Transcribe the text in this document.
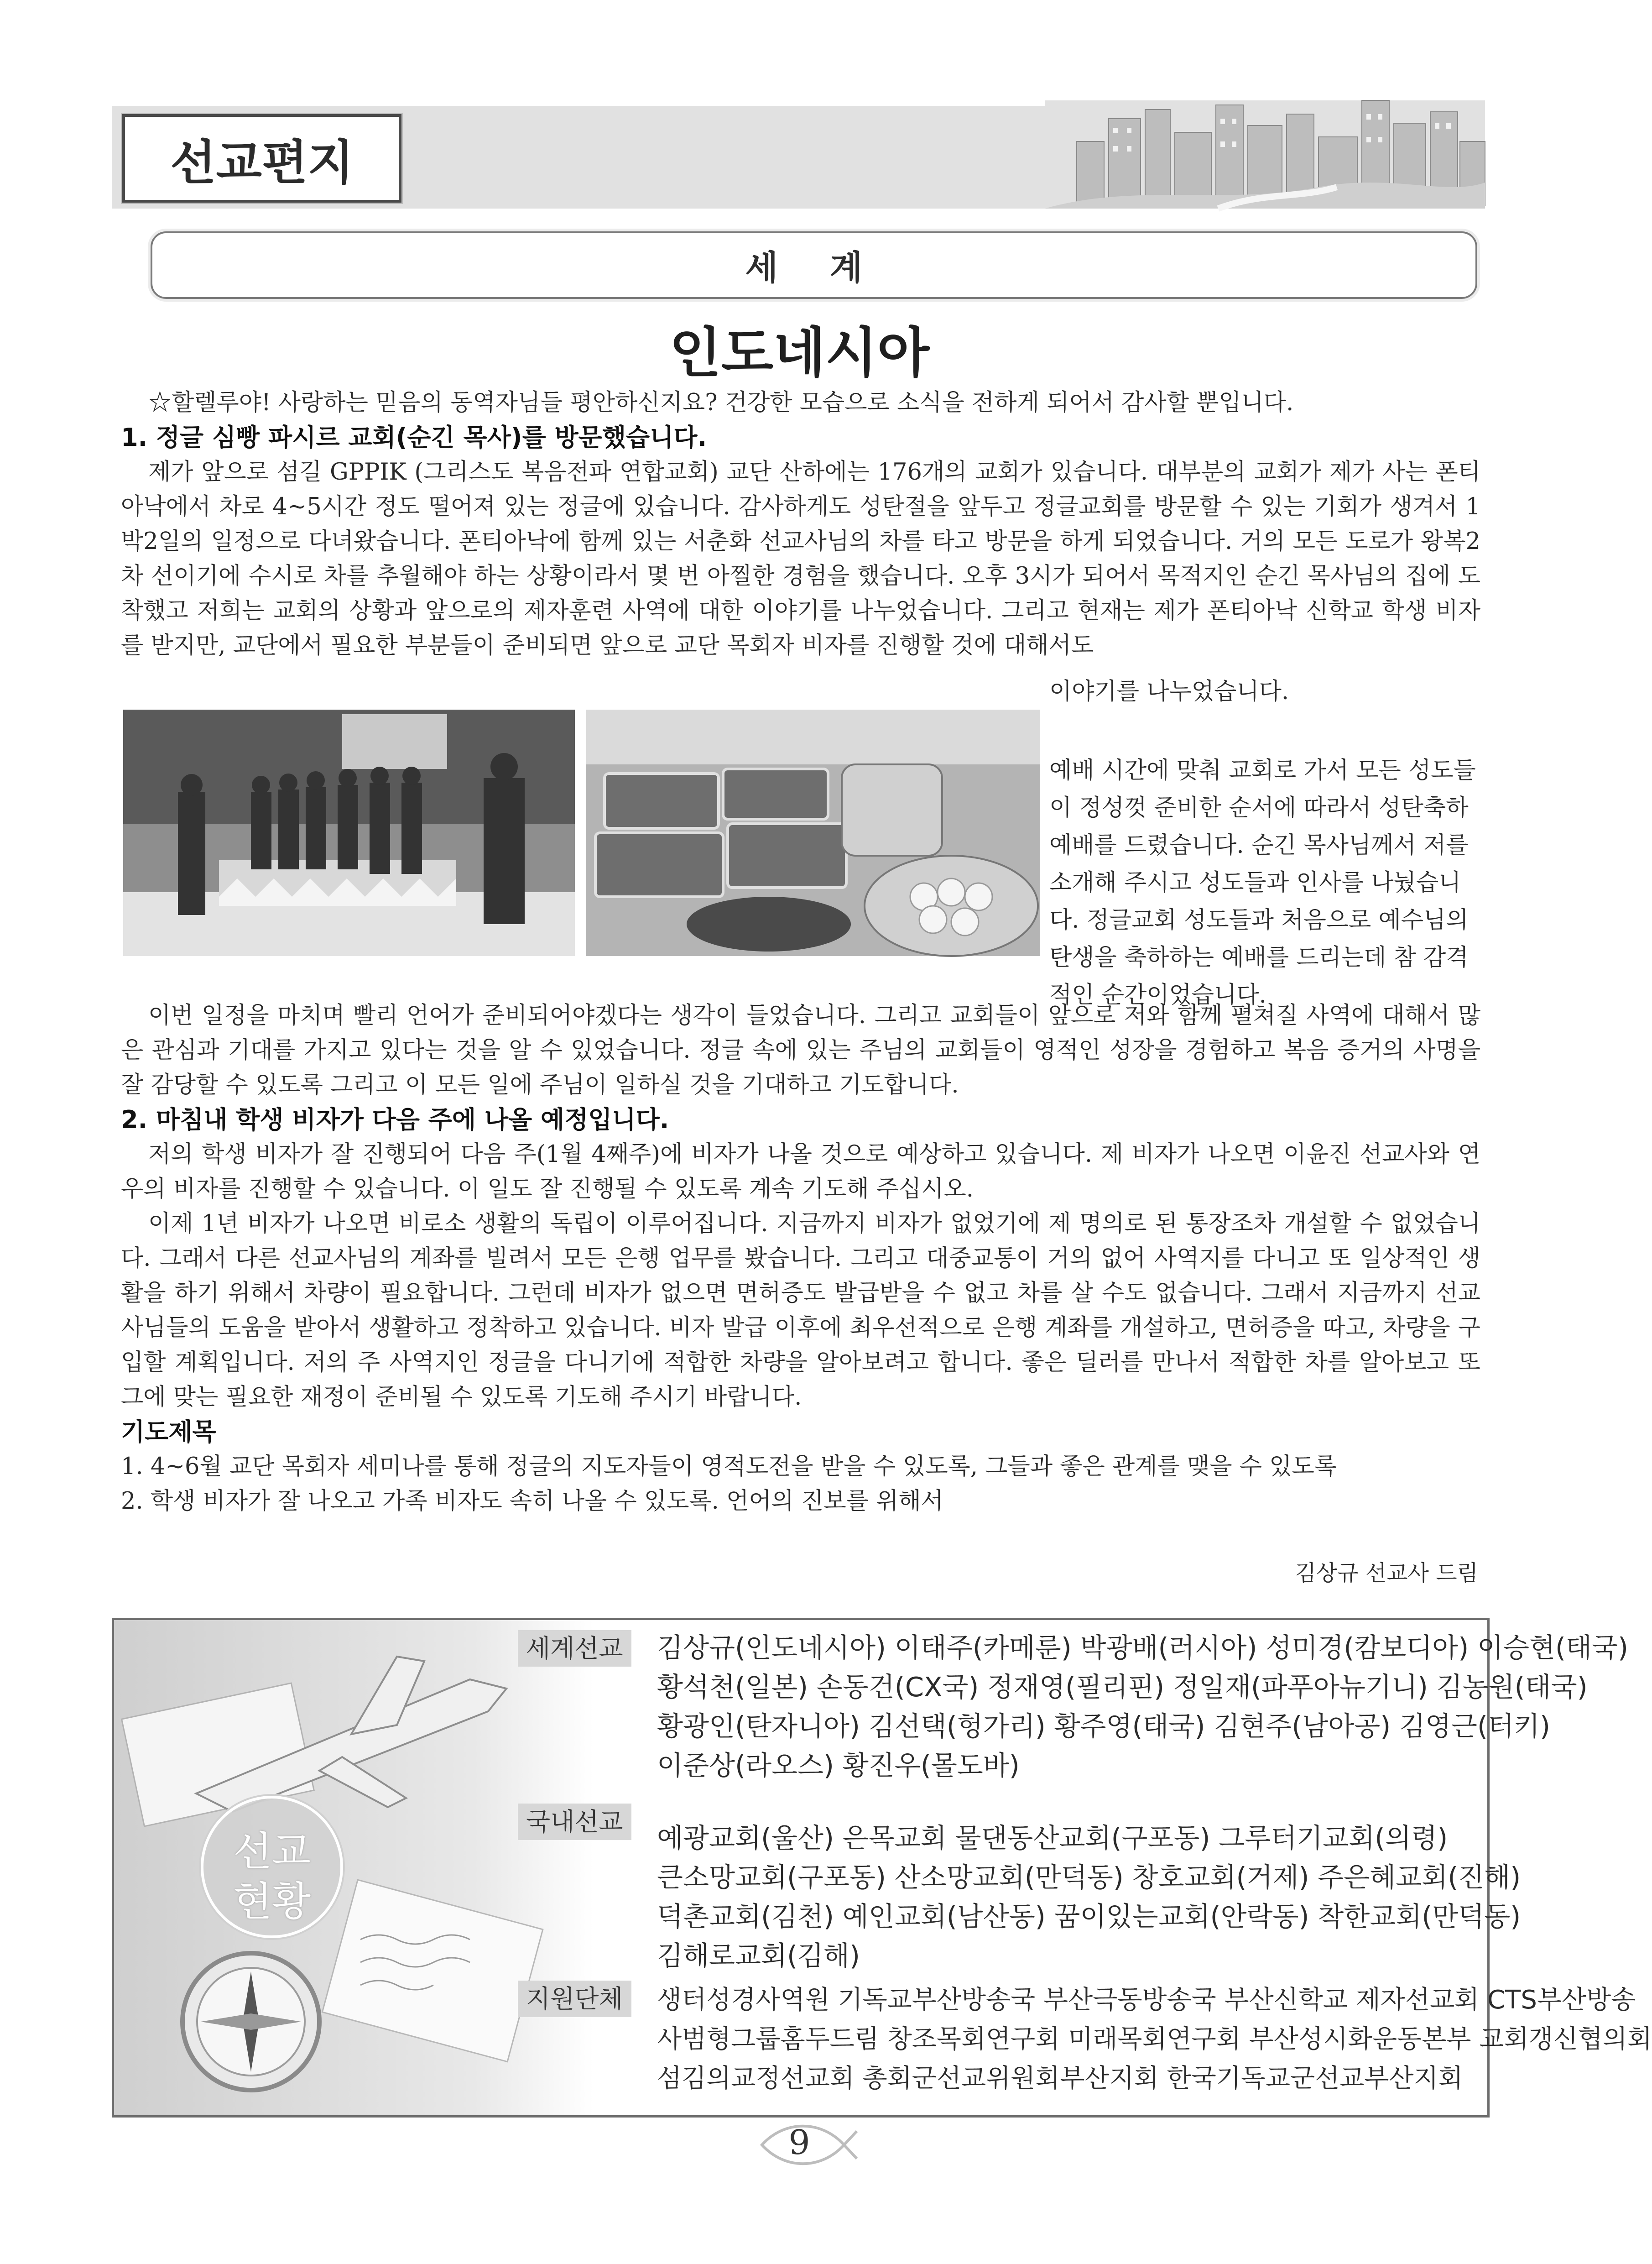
선교편지
세 계
인도네시아

☆할렐루야! 사랑하는 믿음의 동역자님들 평안하신지요? 건강한 모습으로 소식을 전하게 되어서 감사할 뿐입니다.

1. 정글 심빵 파시르 교회(순긴 목사)를 방문했습니다.

제가 앞으로 섬길 GPPIK (그리스도 복음전파 연합교회) 교단 산하에는 176개의 교회가 있습니다. 대부분의 교회가 제가 사는 폰티아낙에서 차로 4~5시간 정도 떨어져 있는 정글에 있습니다. 감사하게도 성탄절을 앞두고 정글교회를 방문할 수 있는 기회가 생겨서 1박2일의 일정으로 다녀왔습니다. 폰티아낙에 함께 있는 서춘화 선교사님의 차를 타고 방문을 하게 되었습니다. 거의 모든 도로가 왕복2차 선이기에 수시로 차를 추월해야 하는 상황이라서 몇 번 아찔한 경험을 했습니다. 오후 3시가 되어서 목적지인 순긴 목사님의 집에 도착했고 저희는 교회의 상황과 앞으로의 제자훈련 사역에 대한 이야기를 나누었습니다. 그리고 현재는 제가 폰티아낙 신학교 학생 비자를 받지만, 교단에서 필요한 부분들이 준비되면 앞으로 교단 목회자 비자를 진행할 것에 대해서도

이야기를 나누었습니다.
예배 시간에 맞춰 교회로 가서 모든 성도들이 정성껏 준비한 순서에 따라서 성탄축하 예배를 드렸습니다. 순긴 목사님께서 저를 소개해 주시고 성도들과 인사를 나눴습니다. 정글교회 성도들과 처음으로 예수님의 탄생을 축하하는 예배를 드리는데 참 감격적인 순간이었습니다.

이번 일정을 마치며 빨리 언어가 준비되어야겠다는 생각이 들었습니다. 그리고 교회들이 앞으로 저와 함께 펼쳐질 사역에 대해서 많은 관심과 기대를 가지고 있다는 것을 알 수 있었습니다. 정글 속에 있는 주님의 교회들이 영적인 성장을 경험하고 복음 증거의 사명을 잘 감당할 수 있도록 그리고 이 모든 일에 주님이 일하실 것을 기대하고 기도합니다.

2. 마침내 학생 비자가 다음 주에 나올 예정입니다.

저의 학생 비자가 잘 진행되어 다음 주(1월 4째주)에 비자가 나올 것으로 예상하고 있습니다. 제 비자가 나오면 이윤진 선교사와 연우의 비자를 진행할 수 있습니다. 이 일도 잘 진행될 수 있도록 계속 기도해 주십시오.

이제 1년 비자가 나오면 비로소 생활의 독립이 이루어집니다. 지금까지 비자가 없었기에 제 명의로 된 통장조차 개설할 수 없었습니다. 그래서 다른 선교사님의 계좌를 빌려서 모든 은행 업무를 봤습니다. 그리고 대중교통이 거의 없어 사역지를 다니고 또 일상적인 생활을 하기 위해서 차량이 필요합니다. 그런데 비자가 없으면 면허증도 발급받을 수 없고 차를 살 수도 없습니다. 그래서 지금까지 선교사님들의 도움을 받아서 생활하고 정착하고 있습니다. 비자 발급 이후에 최우선적으로 은행 계좌를 개설하고, 면허증을 따고, 차량을 구입할 계획입니다. 저의 주 사역지인 정글을 다니기에 적합한 차량을 알아보려고 합니다. 좋은 딜러를 만나서 적합한 차를 알아보고 또 그에 맞는 필요한 재정이 준비될 수 있도록 기도해 주시기 바랍니다.

기도제목

1. 4~6월 교단 목회자 세미나를 통해 정글의 지도자들이 영적도전을 받을 수 있도록, 그들과 좋은 관계를 맺을 수 있도록

2. 학생 비자가 잘 나오고 가족 비자도 속히 나올 수 있도록. 언어의 진보를 위해서

김상규 선교사 드림
선교
현황
세계선교	김상규(인도네시아) 이태주(카메룬) 박광배(러시아) 성미경(캄보디아) 이승현(태국)
황석천(일본) 손동건(CX국) 정재영(필리핀) 정일재(파푸아뉴기니) 김농원(태국)
황광인(탄자니아) 김선택(헝가리) 황주영(태국) 김현주(남아공) 김영근(터키)
이준상(라오스) 황진우(몰도바)
국내선교
예광교회(울산) 은목교회 물댄동산교회(구포동) 그루터기교회(의령)
큰소망교회(구포동) 산소망교회(만덕동) 창호교회(거제) 주은혜교회(진해)
덕촌교회(김천) 예인교회(남산동) 꿈이있는교회(안락동) 착한교회(만덕동)
김해로교회(김해)
지원단체	생터성경사역원 기독교부산방송국 부산극동방송국 부산신학교 제자선교회 CTS부산방송
사범형그룹홈두드림 창조목회연구회 미래목회연구회 부산성시화운동본부 교회갱신협의회
섬김의교정선교회 총회군선교위원회부산지회 한국기독교군선교부산지회
9
